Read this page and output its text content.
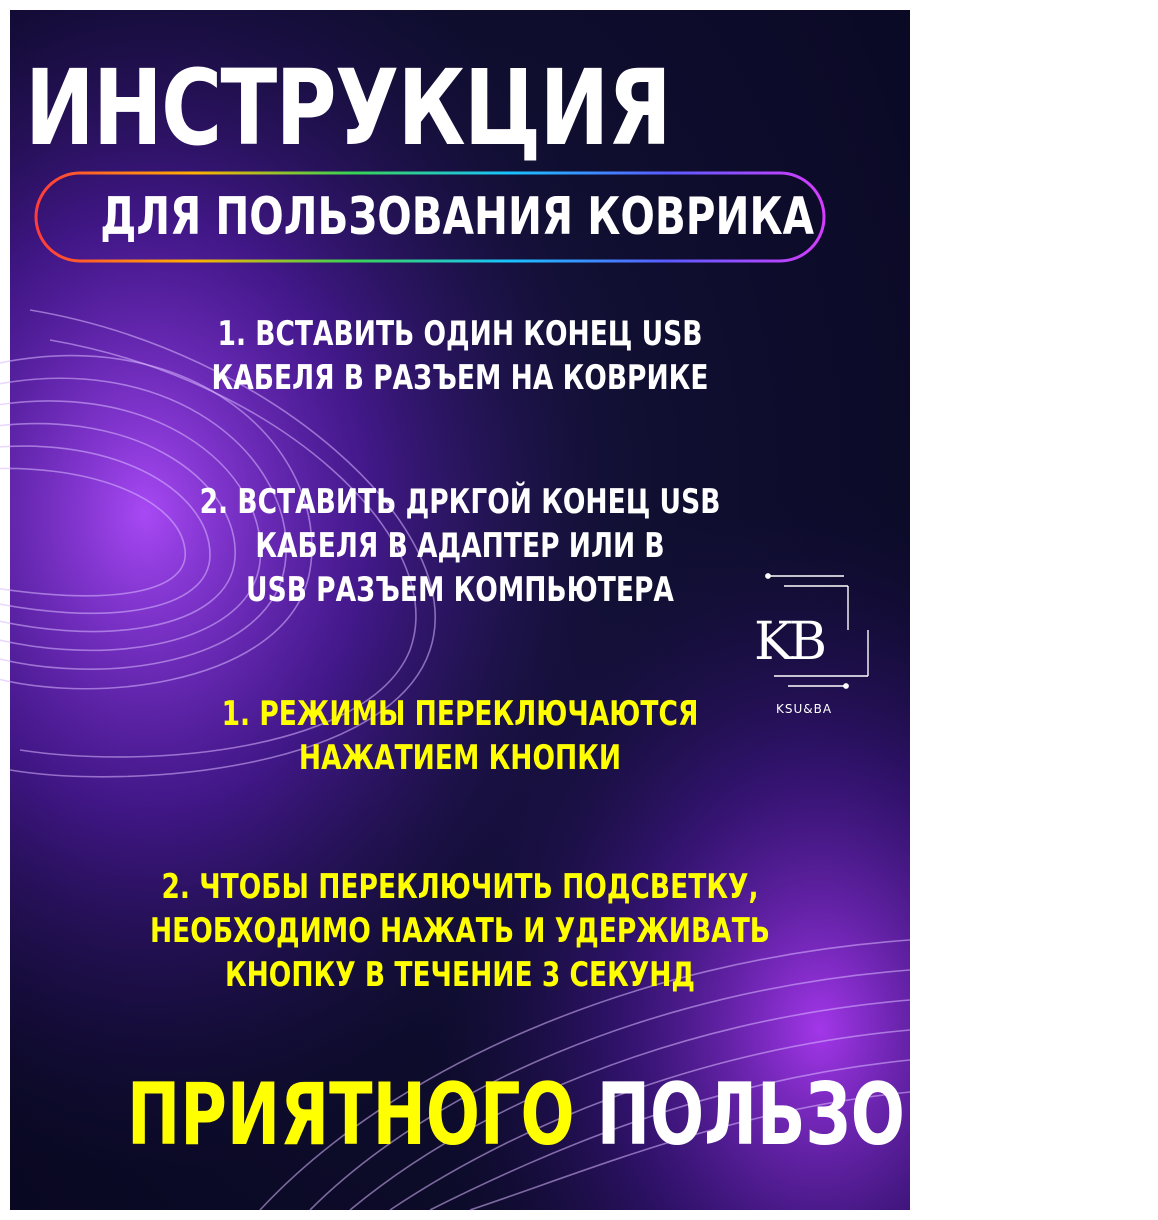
ИНСТРУКЦИЯ
ДЛЯ ПОЛЬЗОВАНИЯ КОВРИКА
1. ВСТАВИТЬ ОДИН КОНЕЦ USB
КАБЕЛЯ В РАЗЪЕМ НА КОВРИКЕ
2. ВСТАВИТЬ ДРКГОЙ КОНЕЦ USB
КАБЕЛЯ В АДАПТЕР ИЛИ В
USB РАЗЪЕМ КОМПЬЮТЕРА
1. РЕЖИМЫ ПЕРЕКЛЮЧАЮТСЯ
НАЖАТИЕМ КНОПКИ
2. ЧТОБЫ ПЕРЕКЛЮЧИТЬ ПОДСВЕТКУ,
НЕОБХОДИМО НАЖАТЬ И УДЕРЖИВАТЬ
КНОПКУ В ТЕЧЕНИЕ 3 СЕКУНД
ПРИЯТНОГО ПОЛЬЗОВАНИЯ
KB
KSU&BA
